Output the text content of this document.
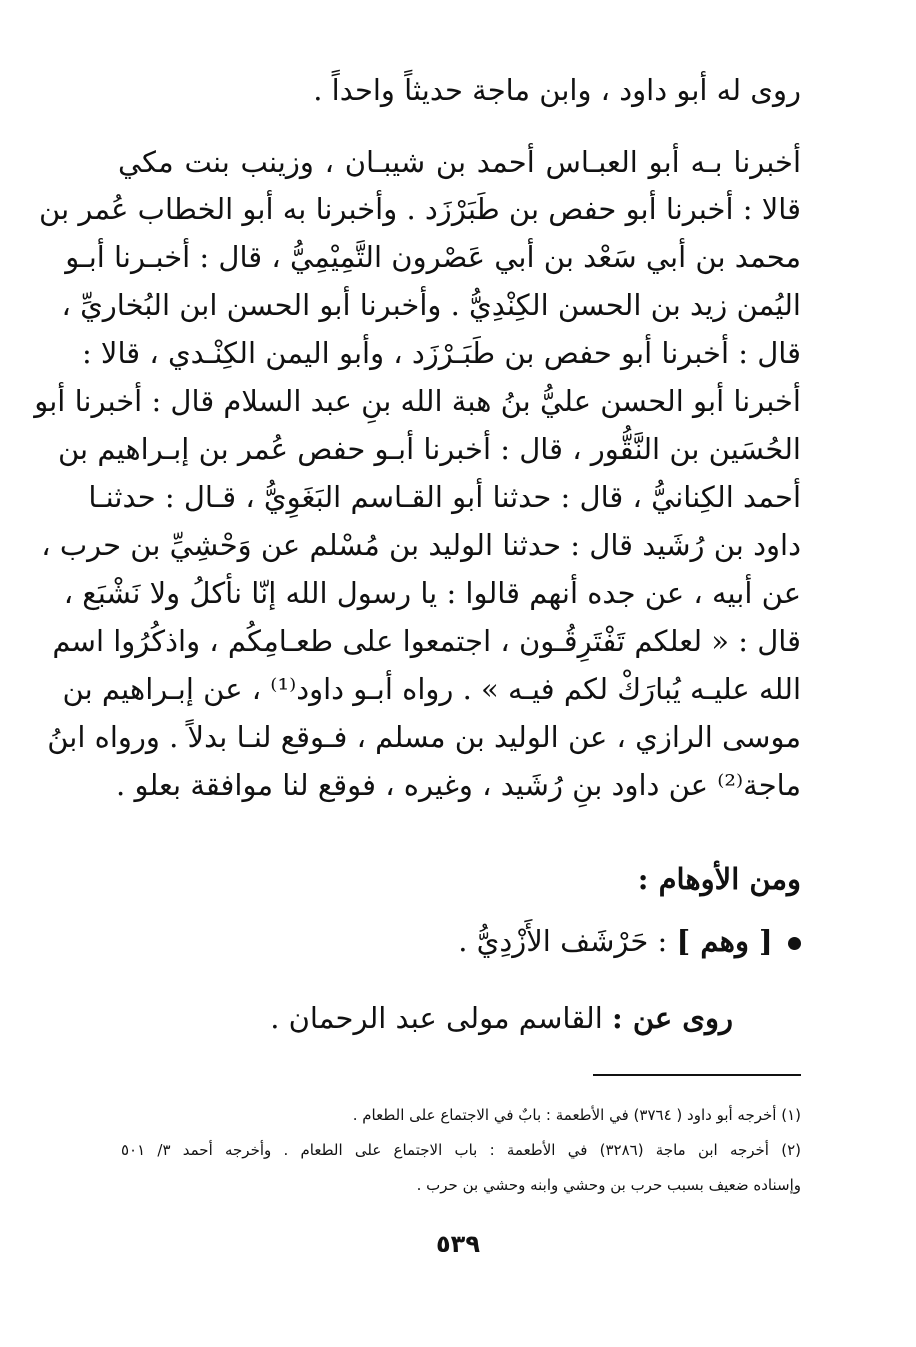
روى له أبو داود ، وابن ماجة حديثاً واحداً .
أخبرنا بـه أبو العبـاس أحمد بن شيبـان ، وزينب بنت مكي
قالا : أخبرنا أبو حفص بن طَبَرْزَد . وأخبرنا به أبو الخطاب عُمر بن
محمد بن أبي سَعْد بن أبي عَصْرون التَّمِيْمِيُّ ، قال : أخبـرنا أبـو
اليُمن زيد بن الحسن الكِنْدِيُّ . وأخبرنا أبو الحسن ابن البُخاريِّ ،
قال : أخبرنا أبو حفص بن طَبَـرْزَد ، وأبو اليمن الكِنْـدي ، قالا :
أخبرنا أبو الحسن عليُّ بنُ هبة الله بنِ عبد السلام قال : أخبرنا أبو
الحُسَين بن النَّقُّور ، قال : أخبرنا أبـو حفص عُمر بن إبـراهيم بن
أحمد الكِنانيُّ ، قال : حدثنا أبو القـاسم البَغَوِيُّ ، قـال : حدثنـا
داود بن رُشَيد قال : حدثنا الوليد بن مُسْلم عن وَحْشِيِّ بن حرب ،
عن أبيه ، عن جده أنهم قالوا : يا رسول الله إنّا نأكلُ ولا نَشْبَع ،
قال : « لعلكم تَفْتَرِقُـون ، اجتمعوا على طعـامِكُم ، واذكُرُوا اسم
الله عليـه يُبارَكْ لكم فيـه » . رواه أبـو داود⁽¹⁾ ، عن إبـراهيم بن
موسى الرازي ، عن الوليد بن مسلم ، فـوقع لنـا بدلاً . ورواه ابنُ
ماجة⁽²⁾ عن داود بنِ رُشَيد ، وغيره ، فوقع لنا موافقة بعلو .
ومن الأوهام :
[ وهم ] : حَرْشَف الأَزْدِيُّ .
روى عن : القاسم مولى عبد الرحمان .
(١) أخرجه أبو داود ( ٣٧٦٤) في الأطعمة : بابٌ في الاجتماع على الطعام .
(٢) أخرجه ابن ماجة (٣٢٨٦) في الأطعمة : باب الاجتماع على الطعام . وأخرجه أحمد ٣/ ٥٠١
وإسناده ضعيف بسبب حرب بن وحشي وابنه وحشي بن حرب .
٥٣٩
